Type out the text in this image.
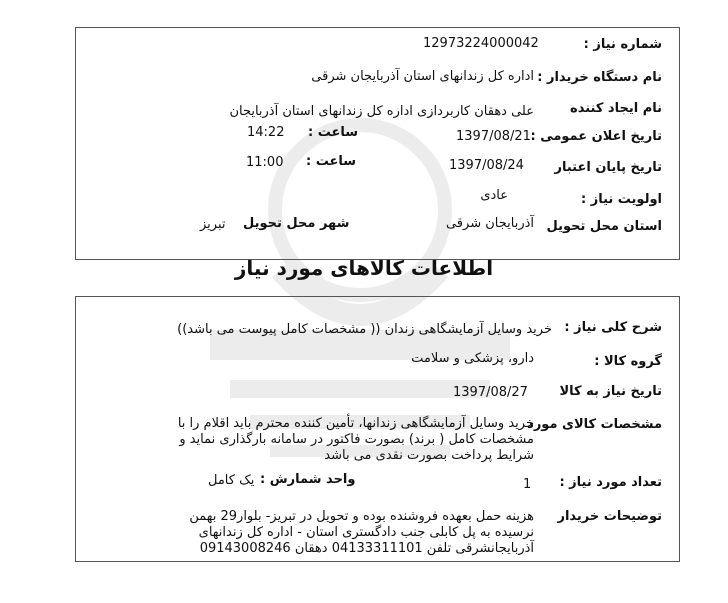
شماره نیاز :
12973224000042
نام دستگاه خریدار :
اداره کل زندانهای استان آذربایجان شرقی
نام ایجاد کننده
علی دهقان کاربردازی اداره کل زندانهای استان آذربایجان
تاریخ اعلان عمومی :
1397/08/21
ساعت :
14:22
تاریخ پایان اعتبار
1397/08/24
ساعت :
11:00
اولویت نیاز :
عادی
استان محل تحویل
آذربایجان شرقی
شهر محل تحویل
تبریز
اطلاعات کالاهای مورد نیاز
شرح کلی نیاز :
خرید وسایل آزمایشگاهی زندان (( مشخصات کامل پیوست می باشد))
گروه کالا :
دارو، پزشکی و سلامت
تاریخ نیاز به کالا
1397/08/27
مشخصات کالای مورد
خرید وسایل آزمایشگاهی زندانها، تأمین کننده محترم باید اقلام را با مشخصات کامل ( برند) بصورت فاکتور در سامانه بارگذاری نماید و شرایط پرداخت بصورت نقدی می باشد
تعداد مورد نیاز :
1
واحد شمارش :
یک کامل
توضیحات خریدار
هزینه حمل بعهده فروشنده بوده و تحویل در تبریز- بلوار29 بهمن نرسیده به پل کابلی جنب دادگستری استان - اداره کل زندانهای آذربایجانشرقی تلفن 04133311101 دهقان 09143008246
